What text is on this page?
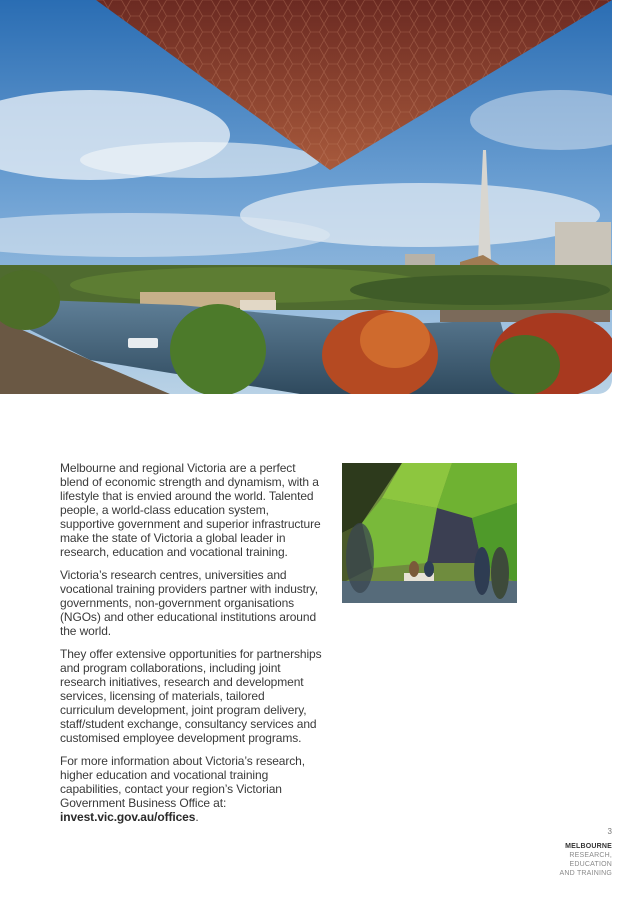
Melbourne and regional Victoria are a perfect blend of economic strength and dynamism, with a lifestyle that is envied around the world. Talented people, a world-class education system, supportive government and superior infrastructure make the state of Victoria a global leader in research, education and vocational training.

Victoria’s research centres, universities and vocational training providers partner with industry, governments, non-government organisations (NGOs) and other educational institutions around the world.

They offer extensive opportunities for partnerships and program collaborations, including joint research initiatives, research and development services, licensing of materials, tailored curriculum development, joint program delivery, staff/student exchange, consultancy services and customised employee development programs.

For more information about Victoria’s research, higher education and vocational training capabilities, contact your region’s Victorian Government Business Office at: invest.vic.gov.au/offices.

3
MELBOURNE
RESEARCH,
EDUCATION
AND TRAINING
